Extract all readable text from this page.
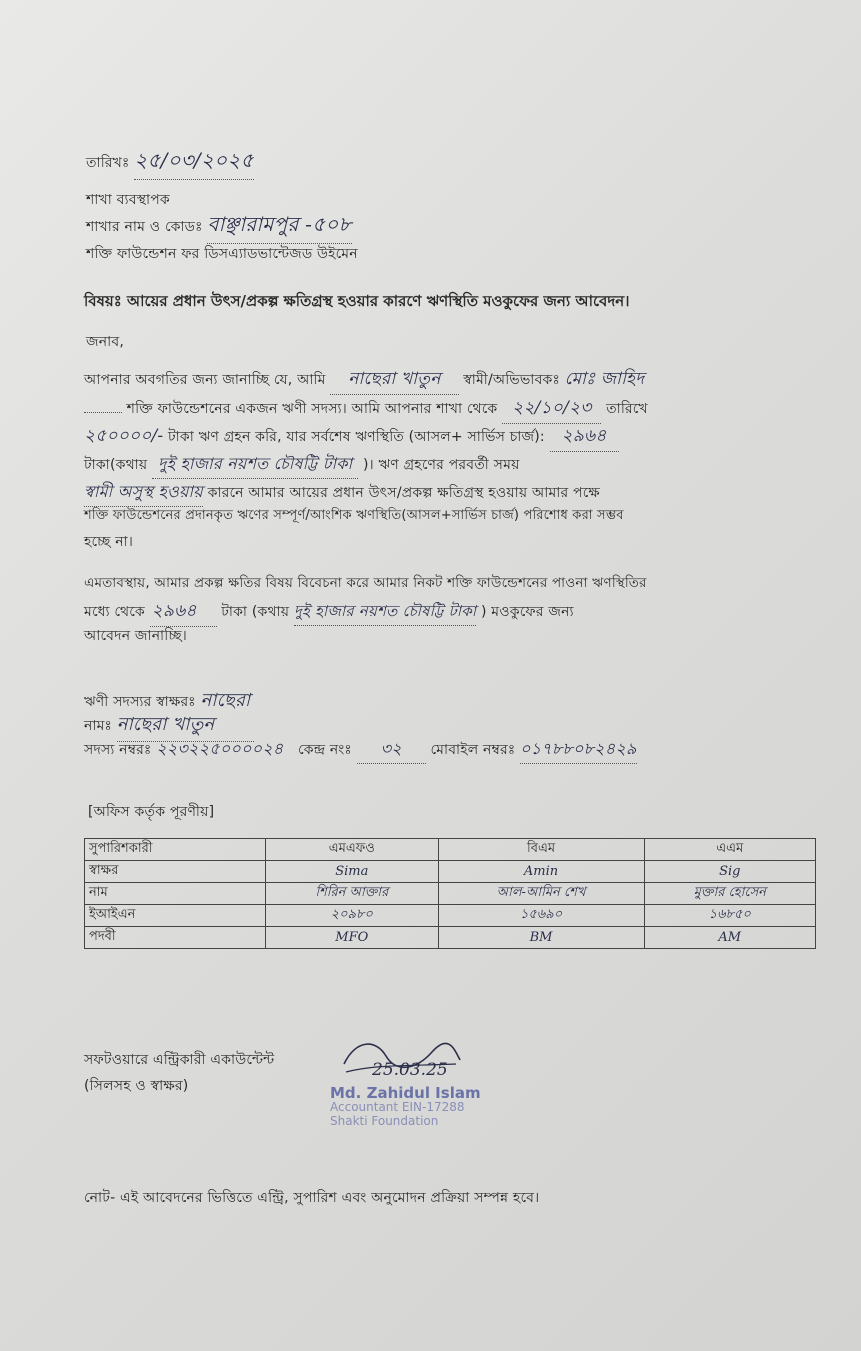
তারিখঃ ২৫/০৩/২০২৫
শাখা ব্যবস্থাপক
শাখার নাম ও কোডঃ বাঞ্ছারামপুর -৫০৮
শক্তি ফাউন্ডেশন ফর ডিসএ্যাডভান্টেজড উইমেন
বিষয়ঃ আয়ের প্রধান উৎস/প্রকল্প ক্ষতিগ্রস্থ হওয়ার কারণে ঋণস্থিতি মওকুফের জন্য আবেদন।
জনাব,
আপনার অবগতির জন্য জানাচ্ছি যে, আমি নাছেরা খাতুন স্বামী/অভিভাবকঃ মোঃ জাহিদ
শক্তি ফাউন্ডেশনের একজন ঋণী সদস্য। আমি আপনার শাখা থেকে ২২/১০/২৩ তারিখে
২৫০০০০/- টাকা ঋণ গ্রহন করি, যার সর্বশেষ ঋণস্থিতি (আসল+ সার্ভিস চার্জ): ২৯৬৪
টাকা(কথায় দুই হাজার নয়শত চৌষট্টি টাকা )। ঋণ গ্রহণের পরবর্তী সময়
স্বামী অসুস্থ হওয়ায় কারনে আমার আয়ের প্রধান উৎস/প্রকল্প ক্ষতিগ্রস্থ হওয়ায় আমার পক্ষে
শক্তি ফাউন্ডেশনের প্রদানকৃত ঋণের সম্পূর্ণ/আংশিক ঋণস্থিতি(আসল+সার্ভিস চার্জ) পরিশোধ করা সম্ভব
হচ্ছে না।
এমতাবস্থায়, আমার প্রকল্প ক্ষতির বিষয় বিবেচনা করে আমার নিকট শক্তি ফাউন্ডেশনের পাওনা ঋণস্থিতির
মধ্যে থেকে ২৯৬৪ টাকা (কথায় দুই হাজার নয়শত চৌষট্টি টাকা ) মওকুফের জন্য
আবেদন জানাচ্ছি।
ঋণী সদস্যর স্বাক্ষরঃ নাছেরা
নামঃ নাছেরা খাতুন
সদস্য নম্বরঃ ২২৩২২৫০০০০২৪ কেন্দ্র নংঃ ৩২ মোবাইল নম্বরঃ ০১৭৮৮০৮২৪২৯
[অফিস কর্তৃক পূরণীয়]
সুপারিশকারী	এমএফও	বিএম	এএম
স্বাক্ষর	Sima	Amin	Sig
নাম	শিরিন আক্তার	আল-আমিন শেখ	মুক্তার হোসেন
ইআইএন	২০৯৮০	১৫৬৯০	১৬৮৫০
পদবী	MFO	BM	AM
সফটওয়ারে এন্ট্রিকারী একাউন্টেন্ট
(সিলসহ ও স্বাক্ষর)
25.03.25
Md. Zahidul Islam
Accountant EIN-17288
Shakti Foundation
নোট- এই আবেদনের ভিত্তিতে এন্ট্রি, সুপারিশ এবং অনুমোদন প্রক্রিয়া সম্পন্ন হবে।
